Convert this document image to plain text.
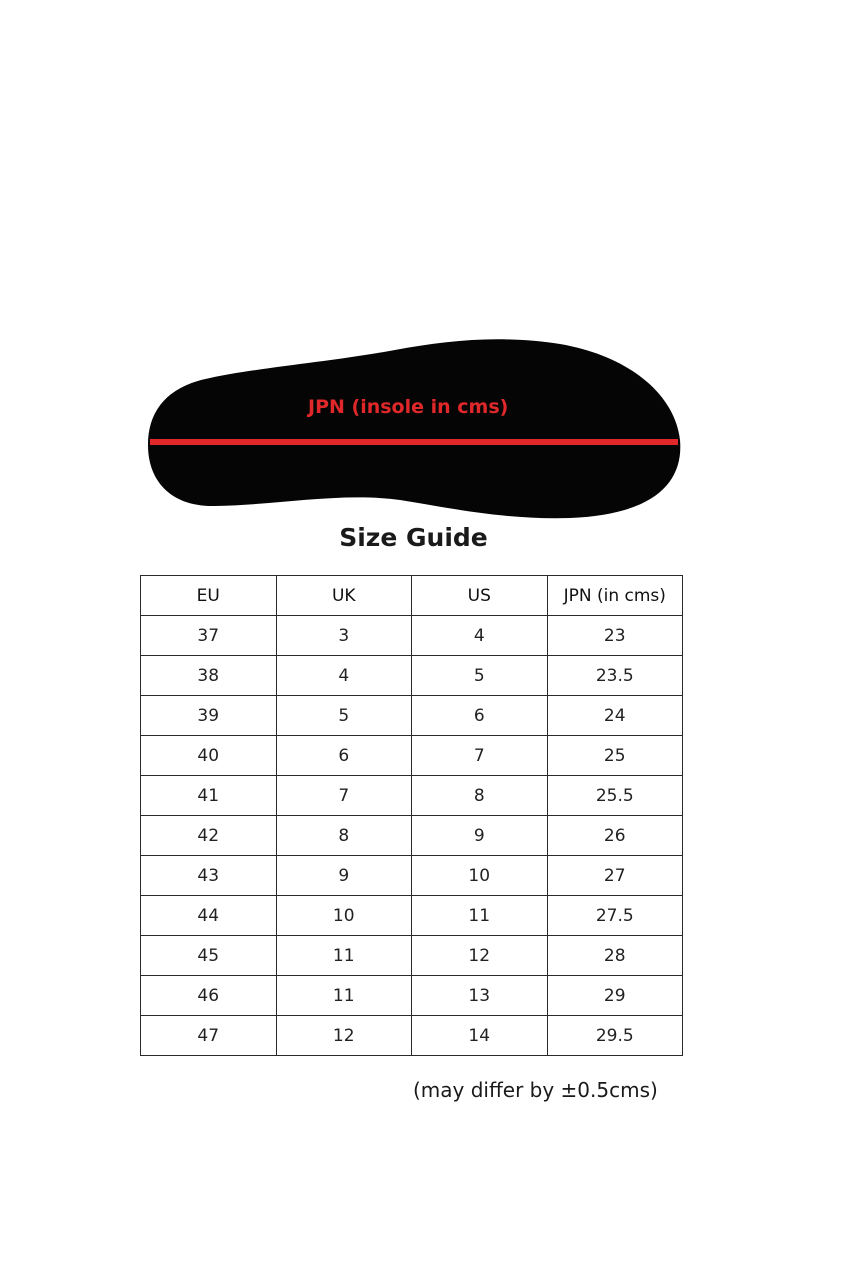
JPN (insole in cms)
Size Guide
EU	UK	US	JPN (in cms)
37	3	4	23
38	4	5	23.5
39	5	6	24
40	6	7	25
41	7	8	25.5
42	8	9	26
43	9	10	27
44	10	11	27.5
45	11	12	28
46	11	13	29
47	12	14	29.5
(may differ by ±0.5cms)
